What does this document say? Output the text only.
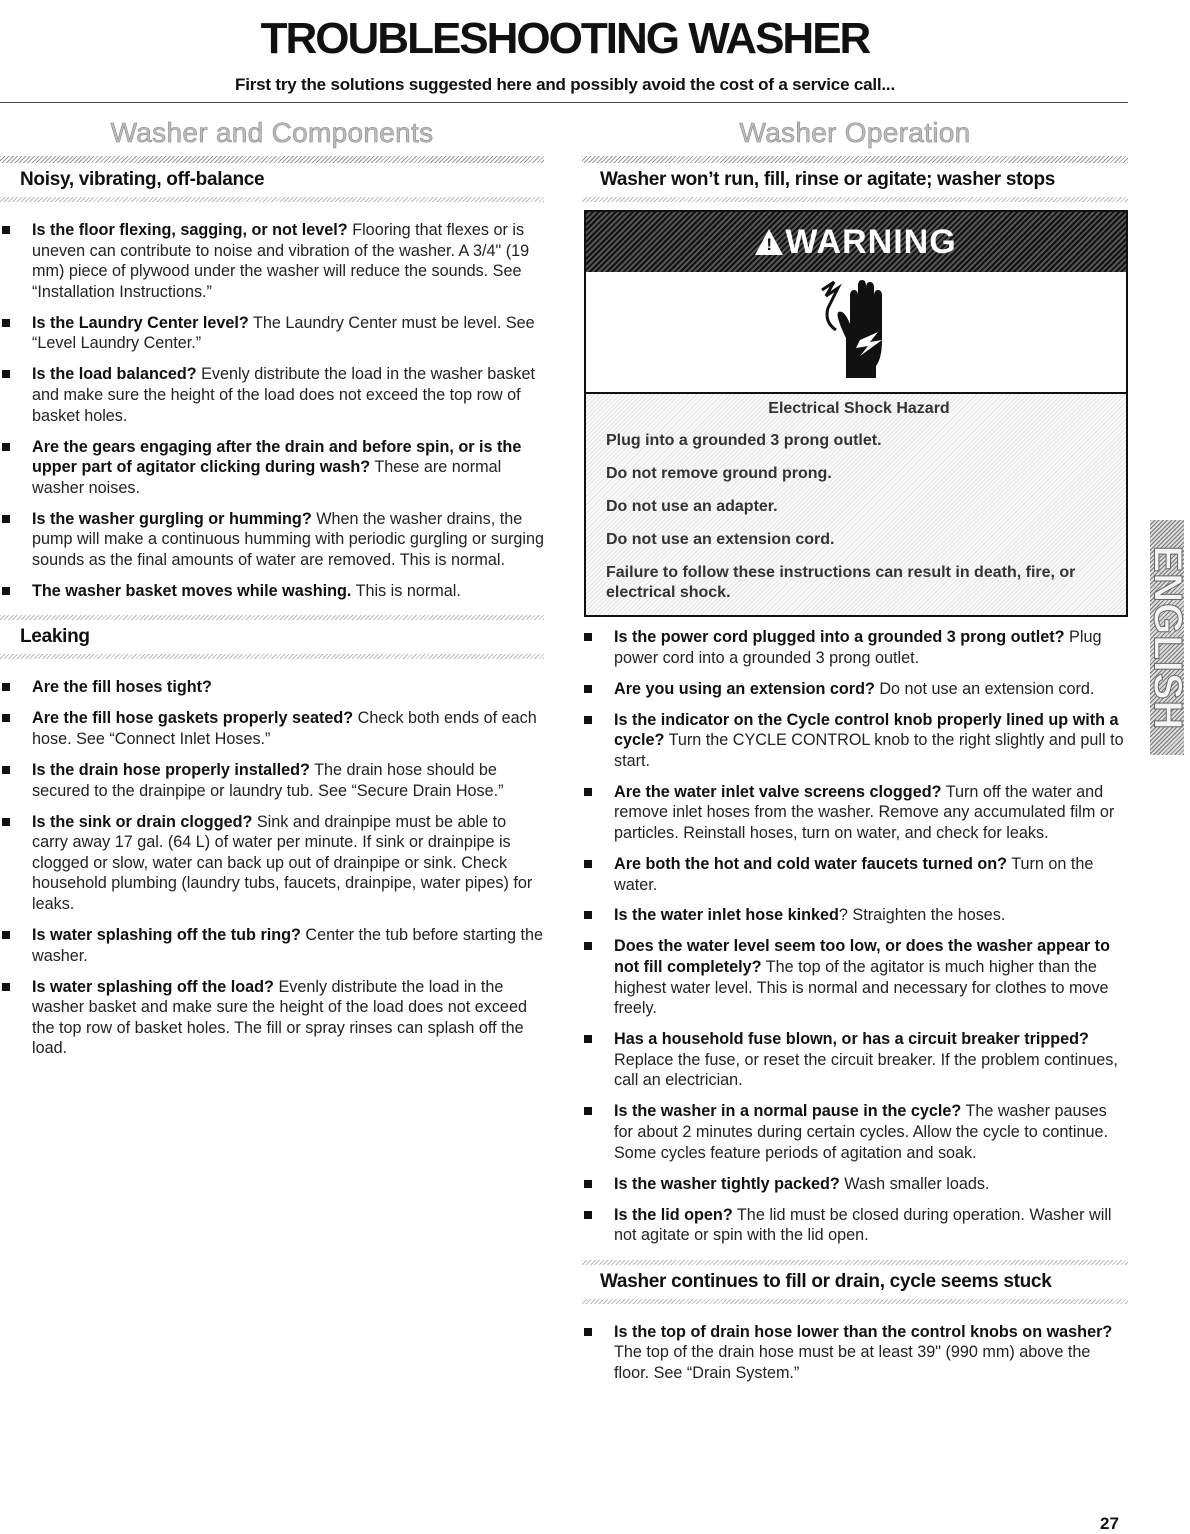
TROUBLESHOOTING WASHER
First try the solutions suggested here and possibly avoid the cost of a service call...
Washer and Components
Noisy, vibrating, off-balance
Is the floor flexing, sagging, or not level? Flooring that flexes or is uneven can contribute to noise and vibration of the washer. A 3/4" (19 mm) piece of plywood under the washer will reduce the sounds. See “Installation Instructions.”
Is the Laundry Center level? The Laundry Center must be level. See “Level Laundry Center.”
Is the load balanced? Evenly distribute the load in the washer basket and make sure the height of the load does not exceed the top row of basket holes.
Are the gears engaging after the drain and before spin, or is the upper part of agitator clicking during wash? These are normal washer noises.
Is the washer gurgling or humming? When the washer drains, the pump will make a continuous humming with periodic gurgling or surging sounds as the final amounts of water are removed. This is normal.
The washer basket moves while washing. This is normal.
Leaking
Are the fill hoses tight?
Are the fill hose gaskets properly seated? Check both ends of each hose. See “Connect Inlet Hoses.”
Is the drain hose properly installed? The drain hose should be secured to the drainpipe or laundry tub. See “Secure Drain Hose.”
Is the sink or drain clogged? Sink and drainpipe must be able to carry away 17 gal. (64 L) of water per minute. If sink or drainpipe is clogged or slow, water can back up out of drainpipe or sink. Check household plumbing (laundry tubs, faucets, drainpipe, water pipes) for leaks.
Is water splashing off the tub ring? Center the tub before starting the washer.
Is water splashing off the load? Evenly distribute the load in the washer basket and make sure the height of the load does not exceed the top row of basket holes. The fill or spray rinses can splash off the load.
Washer Operation
Washer won’t run, fill, rinse or agitate; washer stops
!WARNING
Electrical Shock Hazard

Plug into a grounded 3 prong outlet.

Do not remove ground prong.

Do not use an adapter.

Do not use an extension cord.

Failure to follow these instructions can result in death, fire, or electrical shock.

Is the power cord plugged into a grounded 3 prong outlet? Plug power cord into a grounded 3 prong outlet.
Are you using an extension cord? Do not use an extension cord.
Is the indicator on the Cycle control knob properly lined up with a cycle? Turn the CYCLE CONTROL knob to the right slightly and pull to start.
Are the water inlet valve screens clogged? Turn off the water and remove inlet hoses from the washer. Remove any accumulated film or particles. Reinstall hoses, turn on water, and check for leaks.
Are both the hot and cold water faucets turned on? Turn on the water.
Is the water inlet hose kinked? Straighten the hoses.
Does the water level seem too low, or does the washer appear to not fill completely? The top of the agitator is much higher than the highest water level. This is normal and necessary for clothes to move freely.
Has a household fuse blown, or has a circuit breaker tripped? Replace the fuse, or reset the circuit breaker. If the problem continues, call an electrician.
Is the washer in a normal pause in the cycle? The washer pauses for about 2 minutes during certain cycles. Allow the cycle to continue. Some cycles feature periods of agitation and soak.
Is the washer tightly packed? Wash smaller loads.
Is the lid open? The lid must be closed during operation. Washer will not agitate or spin with the lid open.
Washer continues to fill or drain, cycle seems stuck
Is the top of drain hose lower than the control knobs on washer? The top of the drain hose must be at least 39" (990 mm) above the floor. See “Drain System.”
ENGLISH
27
